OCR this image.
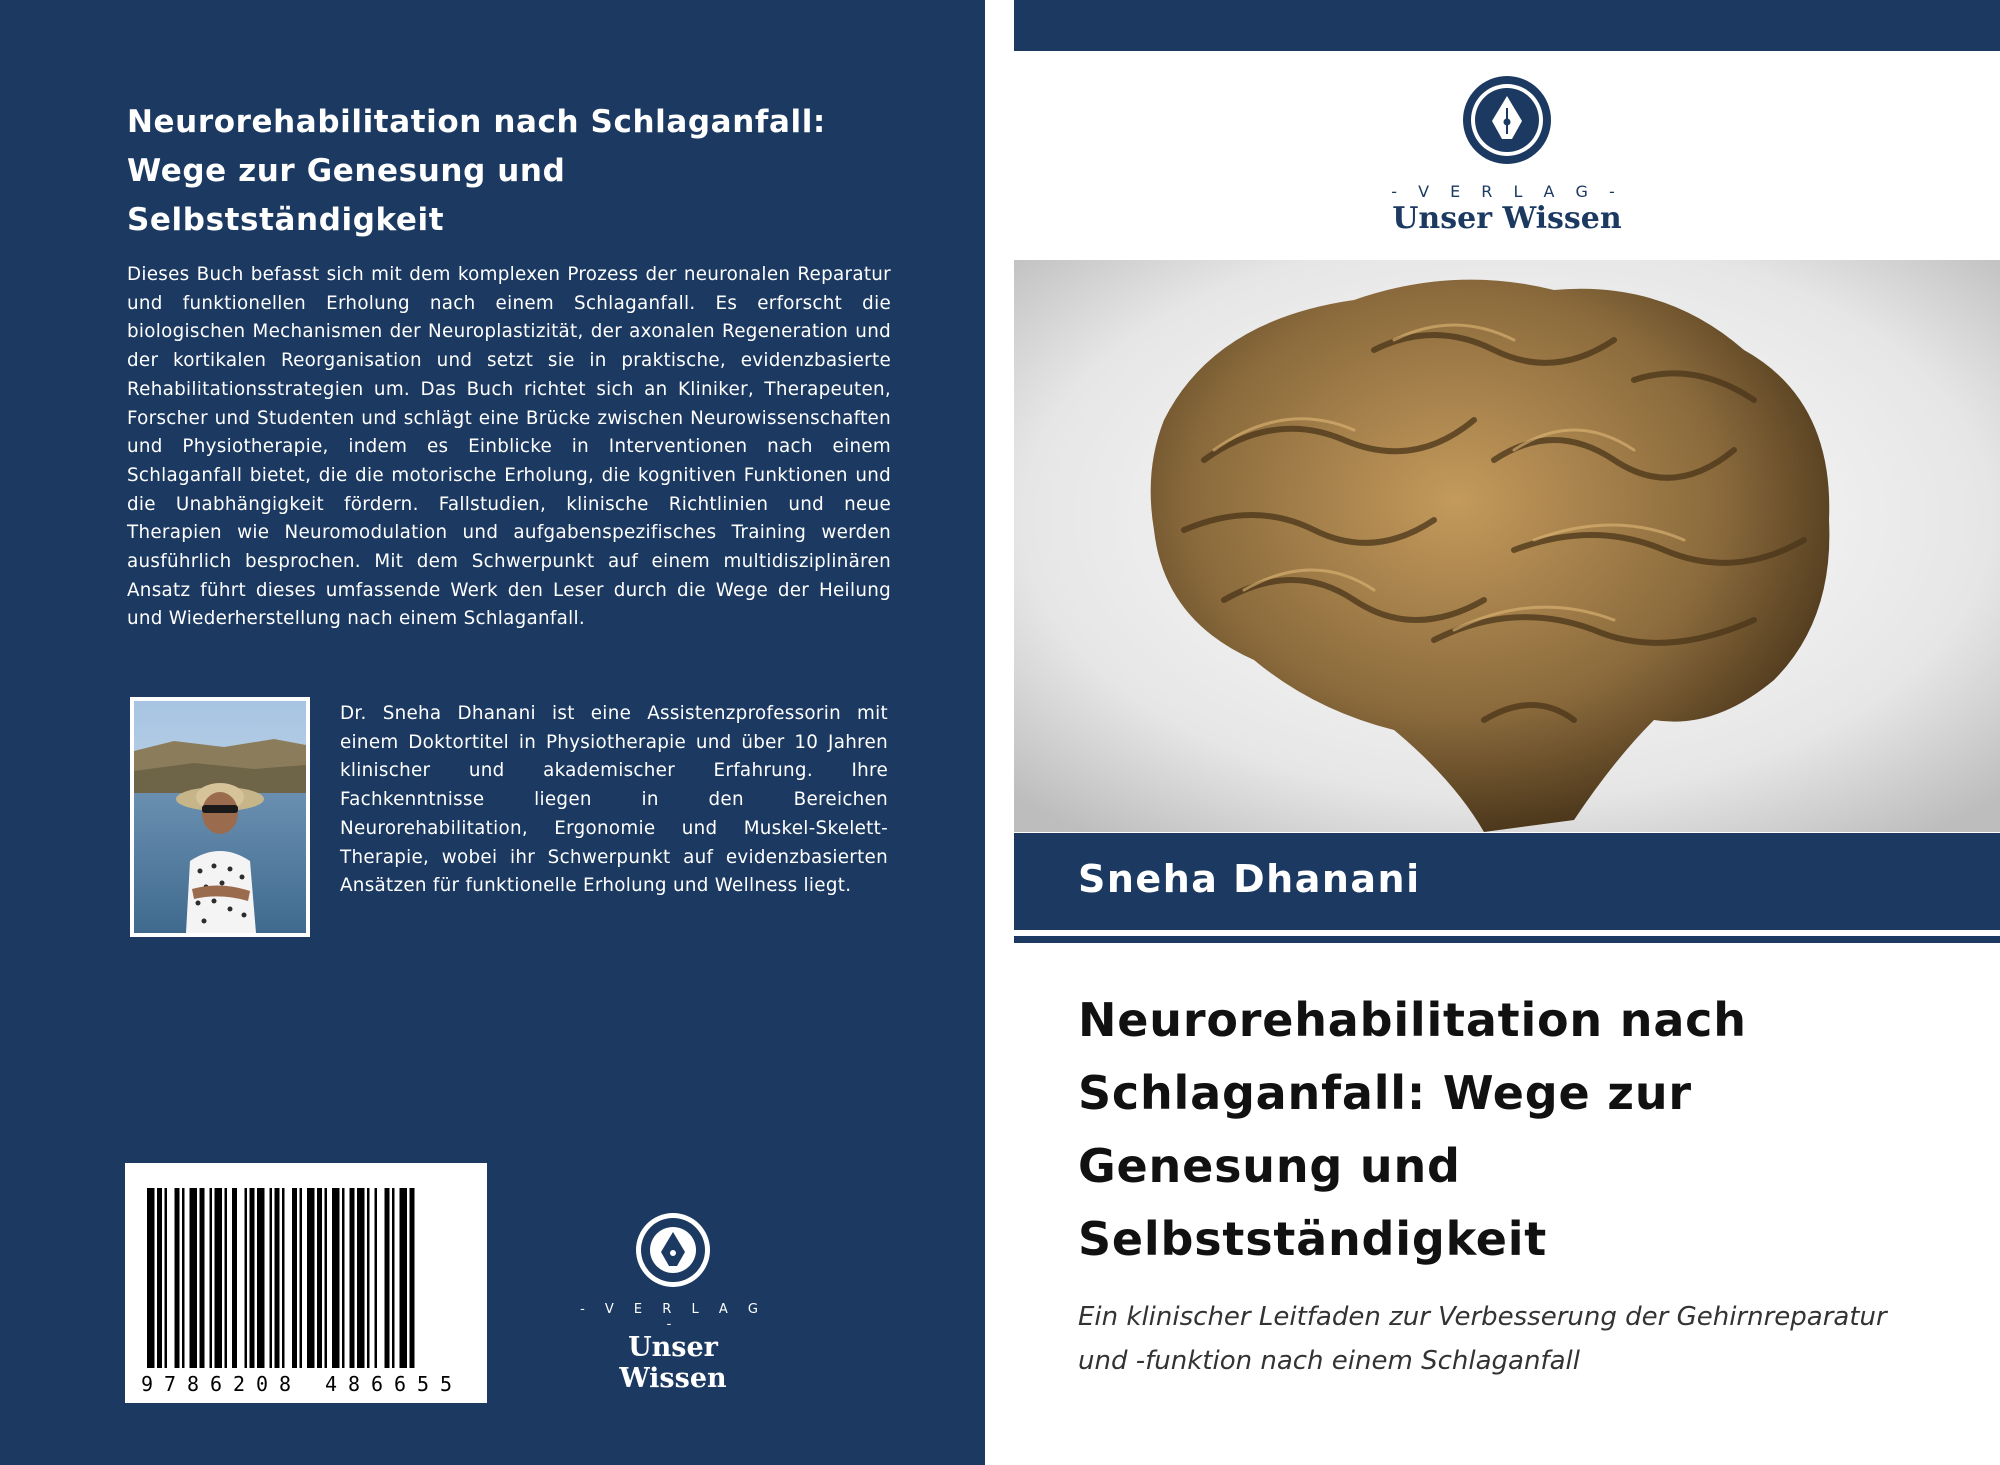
Neurorehabilitation nach Schlaganfall: Wege zur Genesung und Selbstständigkeit

Dieses Buch befasst sich mit dem komplexen Prozess der neuronalen Reparatur und funktionellen Erholung nach einem Schlaganfall. Es erforscht die biologischen Mechanismen der Neuroplastizität, der axonalen Regeneration und der kortikalen Reorganisation und setzt sie in praktische, evidenzbasierte Rehabilitationsstrategien um. Das Buch richtet sich an Kliniker, Therapeuten, Forscher und Studenten und schlägt eine Brücke zwischen Neurowissenschaften und Physiotherapie, indem es Einblicke in Interventionen nach einem Schlaganfall bietet, die die motorische Erholung, die kognitiven Funktionen und die Unabhängigkeit fördern. Fallstudien, klinische Richtlinien und neue Therapien wie Neuromodulation und aufgabenspezifisches Training werden ausführlich besprochen. Mit dem Schwerpunkt auf einem multidisziplinären Ansatz führt dieses umfassende Werk den Leser durch die Wege der Heilung und Wiederherstellung nach einem Schlaganfall.

Dr. Sneha Dhanani ist eine Assistenzprofessorin mit einem Doktortitel in Physiotherapie und über 10 Jahren klinischer und akademischer Erfahrung. Ihre Fachkenntnisse liegen in den Bereichen Neurorehabilitation, Ergonomie und Muskel-Skelett-Therapie, wobei ihr Schwerpunkt auf evidenzbasierten Ansätzen für funktionelle Erholung und Wellness liegt.

9 7 8 6 2 0 8 4 8 6 6 5 5
- V E R L A G -
Unser Wissen
- V E R L A G -
Unser Wissen
Sneha Dhanani
Neurorehabilitation nach
Schlaganfall: Wege zur
Genesung und
Selbstständigkeit
Ein klinischer Leitfaden zur Verbesserung der Gehirnreparatur
und -funktion nach einem Schlaganfall
